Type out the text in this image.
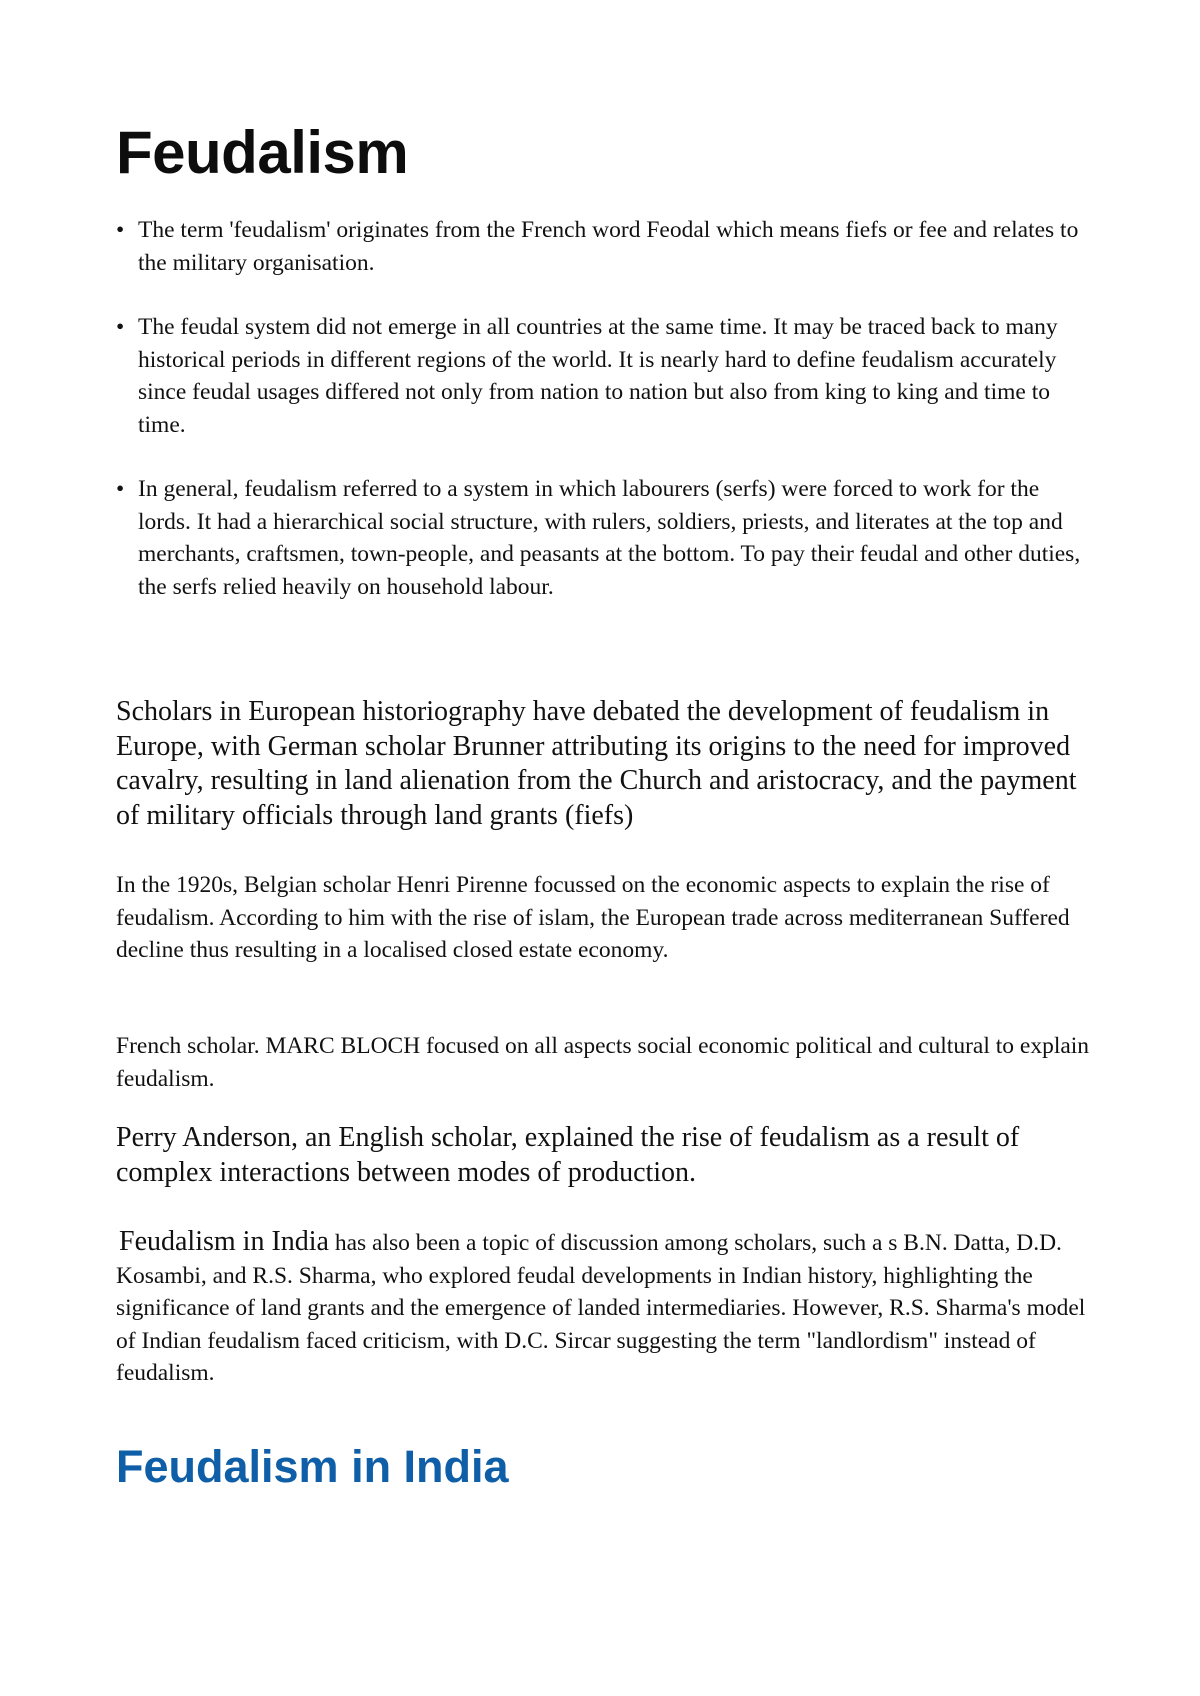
Feudalism
• The term 'feudalism' originates from the French word Feodal which means fiefs or fee and relates to the military organisation.
• The feudal system did not emerge in all countries at the same time. It may be traced back to many historical periods in different regions of the world. It is nearly hard to define feudalism accurately since feudal usages differed not only from nation to nation but also from king to king and time to time.
• In general, feudalism referred to a system in which labourers (serfs) were forced to work for the lords. It had a hierarchical social structure, with rulers, soldiers, priests, and literates at the top and merchants, craftsmen, town-people, and peasants at the bottom. To pay their feudal and other duties, the serfs relied heavily on household labour.

Scholars in European historiography have debated the development of feudalism in Europe, with German scholar Brunner attributing its origins to the need for improved cavalry, resulting in land alienation from the Church and aristocracy, and the payment of military officials through land grants (fiefs)

In the 1920s, Belgian scholar Henri Pirenne focussed on the economic aspects to explain the rise of feudalism. According to him with the rise of islam, the European trade across mediterranean Suffered decline thus resulting in a localised closed estate economy.

French scholar. MARC BLOCH focused on all aspects social economic political and cultural to explain feudalism.

Perry Anderson, an English scholar, explained the rise of feudalism as a result of complex interactions between modes of production.

Feudalism in India has also been a topic of discussion among scholars, such a s B.N. Datta, D.D. Kosambi, and R.S. Sharma, who explored feudal developments in Indian history, highlighting the significance of land grants and the emergence of landed intermediaries. However, R.S. Sharma's model of Indian feudalism faced criticism, with D.C. Sircar suggesting the term "landlordism" instead of feudalism.

Feudalism in India
